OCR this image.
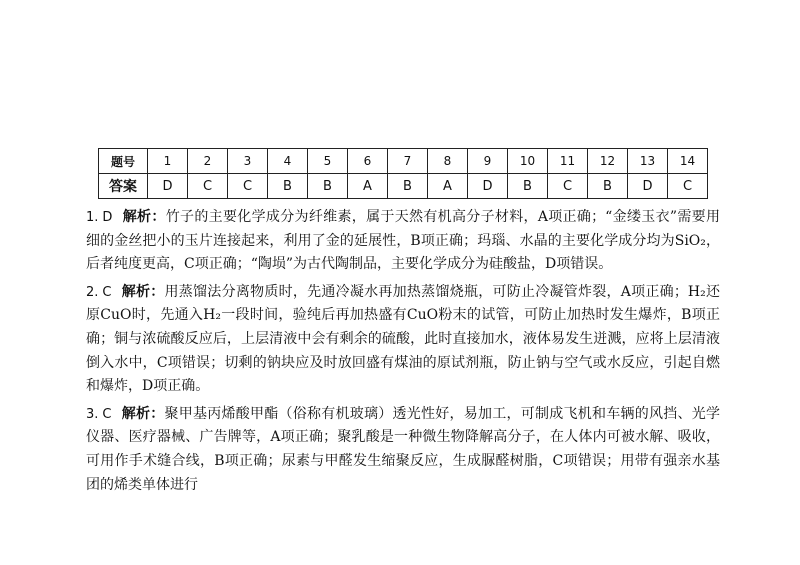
题号	1	2	3	4	5	6	7	8	9	10	11	12	13	14
答案	D	C	C	B	B	A	B	A	D	B	C	B	D	C

1. D 解析：竹子的主要化学成分为纤维素，属于天然有机高分子材料，A项正确；“金缕玉衣”需要用细的金丝把小的玉片连接起来，利用了金的延展性，B项正确；玛瑙、水晶的主要化学成分均为SiO₂，后者纯度更高，C项正确；“陶埙”为古代陶制品，主要化学成分为硅酸盐，D项错误。

2. C 解析：用蒸馏法分离物质时，先通冷凝水再加热蒸馏烧瓶，可防止冷凝管炸裂，A项正确；H₂还原CuO时，先通入H₂一段时间，验纯后再加热盛有CuO粉末的试管，可防止加热时发生爆炸，B项正确；铜与浓硫酸反应后，上层清液中会有剩余的硫酸，此时直接加水，液体易发生迸溅，应将上层清液倒入水中，C项错误；切剩的钠块应及时放回盛有煤油的原试剂瓶，防止钠与空气或水反应，引起自燃和爆炸，D项正确。

3. C 解析：聚甲基丙烯酸甲酯（俗称有机玻璃）透光性好，易加工，可制成飞机和车辆的风挡、光学仪器、医疗器械、广告牌等，A项正确；聚乳酸是一种微生物降解高分子，在人体内可被水解、吸收，可用作手术缝合线，B项正确；尿素与甲醛发生缩聚反应，生成脲醛树脂，C项错误；用带有强亲水基团的烯类单体进行
